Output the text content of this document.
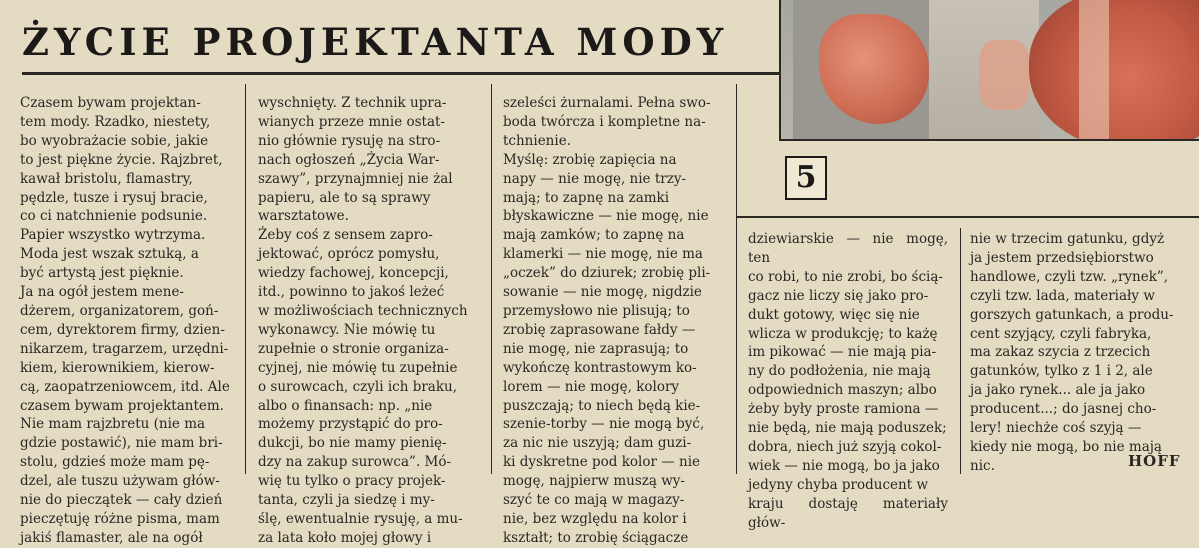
ŻYCIE PROJEKTANTA MODY
5

Czasem bywam projektan-
tem mody. Rzadko, niestety,
bo wyobrażacie sobie, jakie
to jest piękne życie. Rajzbret,
kawał bristolu, flamastry,
pędzle, tusze i rysuj bracie,
co ci natchnienie podsunie.
Papier wszystko wytrzyma.
Moda jest wszak sztuką, a
być artystą jest pięknie.
Ja na ogół jestem mene-
dżerem, organizatorem, goń-
cem, dyrektorem firmy, dzien-
nikarzem, tragarzem, urzędni-
kiem, kierownikiem, kierow-
cą, zaopatrzeniowcem, itd. Ale
czasem bywam projektantem.
Nie mam rajzbretu (nie ma
gdzie postawić), nie mam bri-
stolu, gdzieś może mam pę-
dzel, ale tuszu używam głów-
nie do pieczątek — cały dzień
pieczętuję różne pisma, mam
jakiś flamaster, ale na ogół

wyschnięty. Z technik upra-
wianych przeze mnie ostat-
nio głównie rysuję na stro-
nach ogłoszeń „Życia War-
szawy”, przynajmniej nie żal
papieru, ale to są sprawy
warsztatowe.
Żeby coś z sensem zapro-
jektować, oprócz pomysłu,
wiedzy fachowej, koncepcji,
itd., powinno to jakoś leżeć
w możliwościach technicznych
wykonawcy. Nie mówię tu
zupełnie o stronie organiza-
cyjnej, nie mówię tu zupełnie
o surowcach, czyli ich braku,
albo o finansach: np. „nie
możemy przystąpić do pro-
dukcji, bo nie mamy pienię-
dzy na zakup surowca”. Mó-
wię tu tylko o pracy projek-
tanta, czyli ja siedzę i my-
ślę, ewentualnie rysuję, a mu-
za lata koło mojej głowy i

szeleści żurnalami. Pełna swo-
boda twórcza i kompletne na-
tchnienie.
Myślę: zrobię zapięcia na
napy — nie mogę, nie trzy-
mają; to zapnę na zamki
błyskawiczne — nie mogę, nie
mają zamków; to zapnę na
klamerki — nie mogę, nie ma
„oczek” do dziurek; zrobię pli-
sowanie — nie mogę, nigdzie
przemysłowo nie plisują; to
zrobię zaprasowane fałdy —
nie mogę, nie zaprasują; to
wykończę kontrastowym ko-
lorem — nie mogę, kolory
puszczają; to niech będą kie-
szenie-torby — nie mogą być,
za nic nie uszyją; dam guzi-
ki dyskretne pod kolor — nie
mogę, najpierw muszą wy-
szyć te co mają w magazy-
nie, bez względu na kolor i
kształt; to zrobię ściągacze

dziewiarskie — nie mogę, ten
co robi, to nie zrobi, bo ścią-
gacz nie liczy się jako pro-
dukt gotowy, więc się nie
wlicza w produkcję; to każę
im pikować — nie mają pia-
ny do podłożenia, nie mają
odpowiednich maszyn; albo
żeby były proste ramiona —
nie będą, nie mają poduszek;
dobra, niech już szyją cokol-
wiek — nie mogą, bo ja jako
jedyny chyba producent w
kraju dostaję materiały głów-

nie w trzecim gatunku, gdyż
ja jestem przedsiębiorstwo
handlowe, czyli tzw. „rynek”,
czyli tzw. lada, materiały w
gorszych gatunkach, a produ-
cent szyjący, czyli fabryka,
ma zakaz szycia z trzecich
gatunków, tylko z 1 i 2, ale
ja jako rynek... ale ja jako
producent...; do jasnej cho-
lery! niechże coś szyją —
kiedy nie mogą, bo nie mają
nic.	HOFF
